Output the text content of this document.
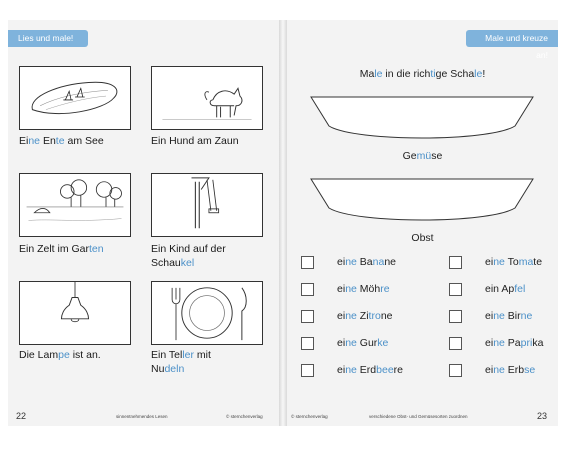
Lies und male!
Eine Ente am See	Ein Hund am Zaun
Ein Zelt im Garten	Ein Kind auf der
Schaukel
Die Lampe ist an.	Ein Teller mit
Nudeln
22	sinnentnehmendes Lesen	© sternchenverlag
Male und kreuze an!
Male in die richtige Schale!
Gemüse
Obst
eine Banane
eine Möhre
eine Zitrone
eine Gurke
eine Erdbeere
eine Tomate
ein Apfel
eine Birne
eine Paprika
eine Erbse
© sternchenverlag	verschiedene Obst- und Gemüsesorten zuordnen	23
